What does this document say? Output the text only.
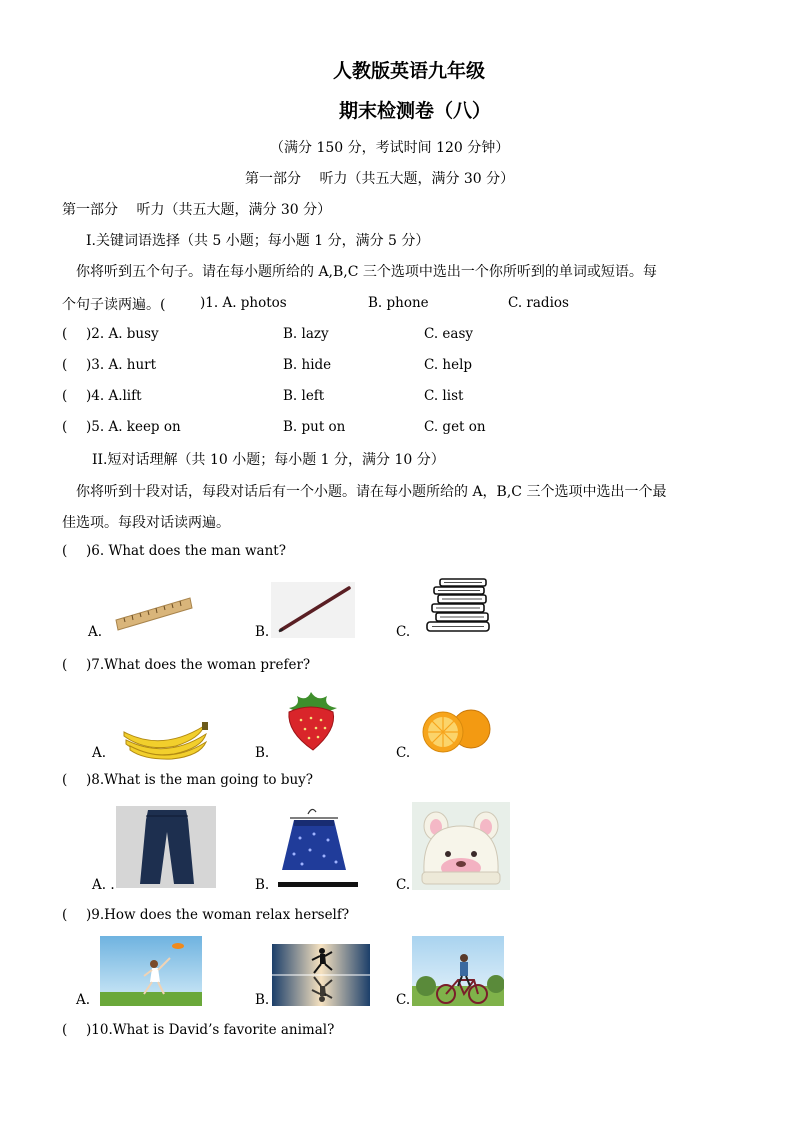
人教版英语九年级
期末检测卷（八）
（满分 150 分，考试时间 120 分钟）
第一部分　 听力（共五大题，满分 30 分）
第一部分　 听力（共五大题，满分 30 分）
I.关键词语选择（共 5 小题；每小题 1 分，满分 5 分）
你将听到五个句子。请在每小题所给的 A,B,C 三个选项中选出一个你所听到的单词或短语。每
个句子读两遍。(	)1. A. photos	B. phone	C. radios
( )2. A. busy	B. lazy	C. easy
( )3. A. hurt	B. hide	C. help
( )4. A.lift	B. left	C. list
( )5. A. keep on	B. put on	C. get on
II.短对话理解（共 10 小题；每小题 1 分，满分 10 分）
你将听到十段对话，每段对话后有一个小题。请在每小题所给的 A，B,C 三个选项中选出一个最
佳选项。每段对话读两遍。
( )6. What does the man want?
A.	B.	C.
( )7.What does the woman prefer?
A.	B.	C.
( )8.What is the man going to buy?
A. .	B.	C.
( )9.How does the woman relax herself?
A.	B.	C.
( )10.What is David’s favorite animal?
